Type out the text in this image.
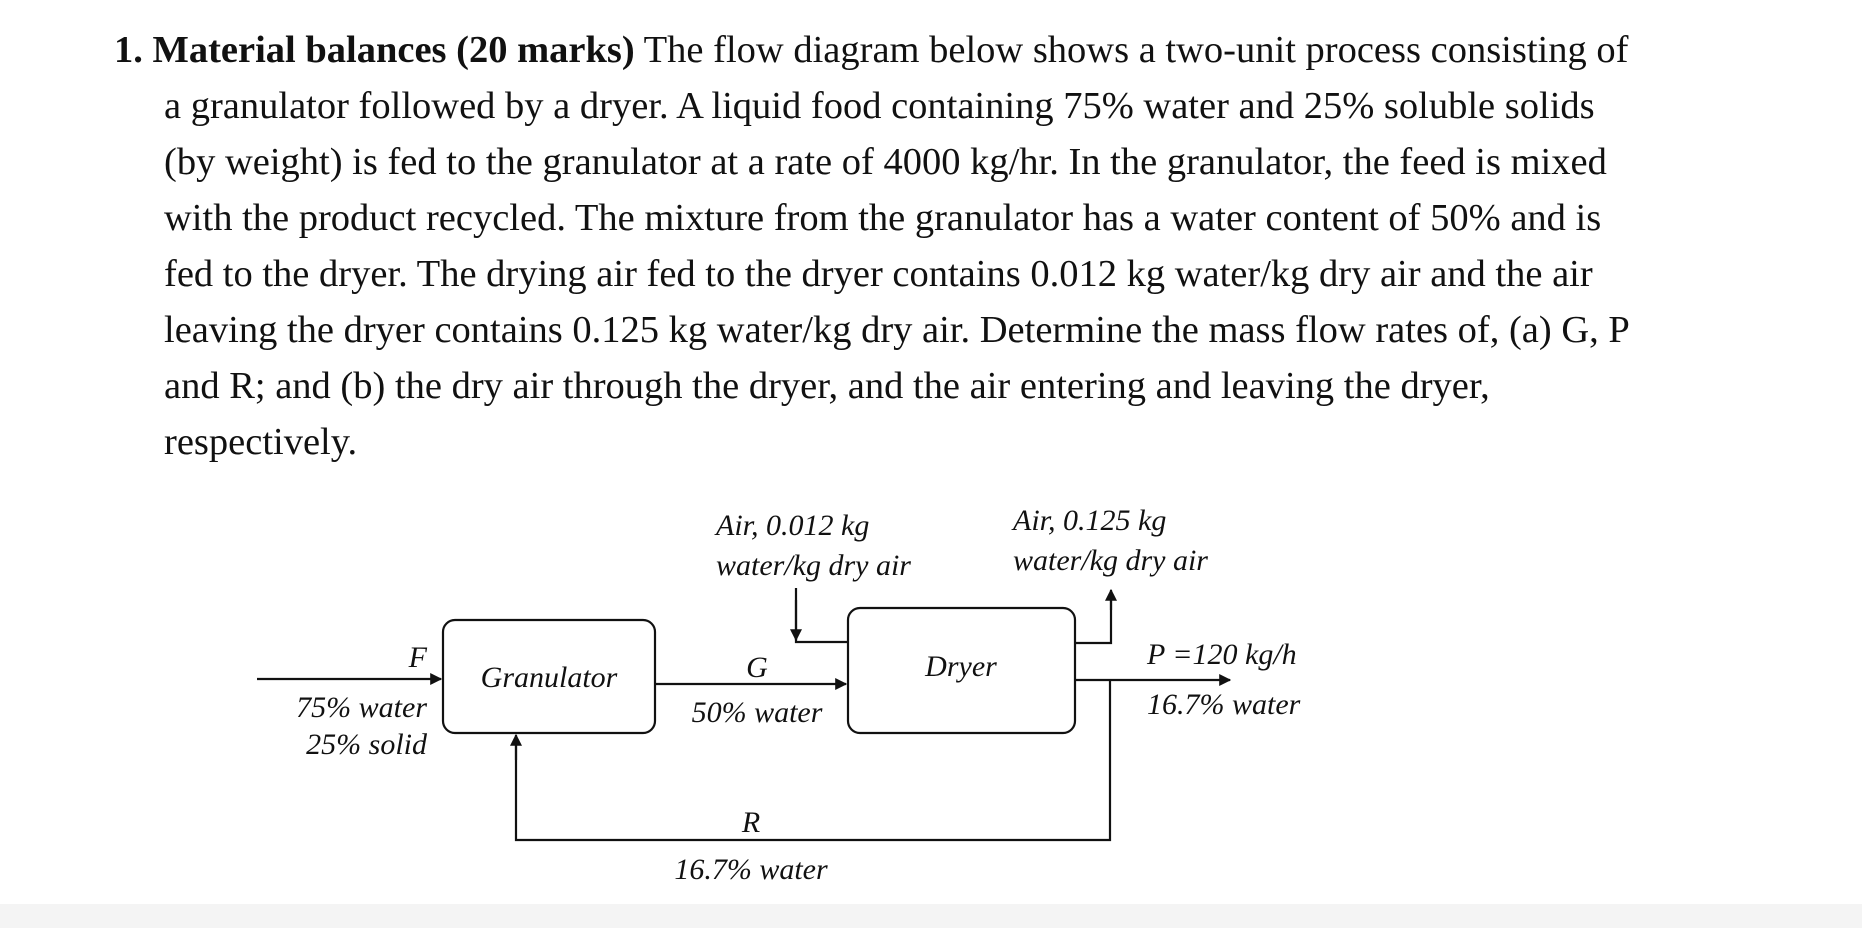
1. Material balances (20 marks) The flow diagram below shows a two-unit process consisting of
a granulator followed by a dryer. A liquid food containing 75% water and 25% soluble solids
(by weight) is fed to the granulator at a rate of 4000 kg/hr. In the granulator, the feed is mixed
with the product recycled. The mixture from the granulator has a water content of 50% and is
fed to the dryer. The drying air fed to the dryer contains 0.012 kg water/kg dry air and the air
leaving the dryer contains 0.125 kg water/kg dry air. Determine the mass flow rates of, (a) G, P
and R; and (b) the dry air through the dryer, and the air entering and leaving the dryer,
respectively.
Granulator	Dryer
F
75% water
25% solid
G
50% water
Air, 0.012 kg
water/kg dry air
Air, 0.125 kg
water/kg dry air
P =120 kg/h
16.7% water
R
16.7% water
